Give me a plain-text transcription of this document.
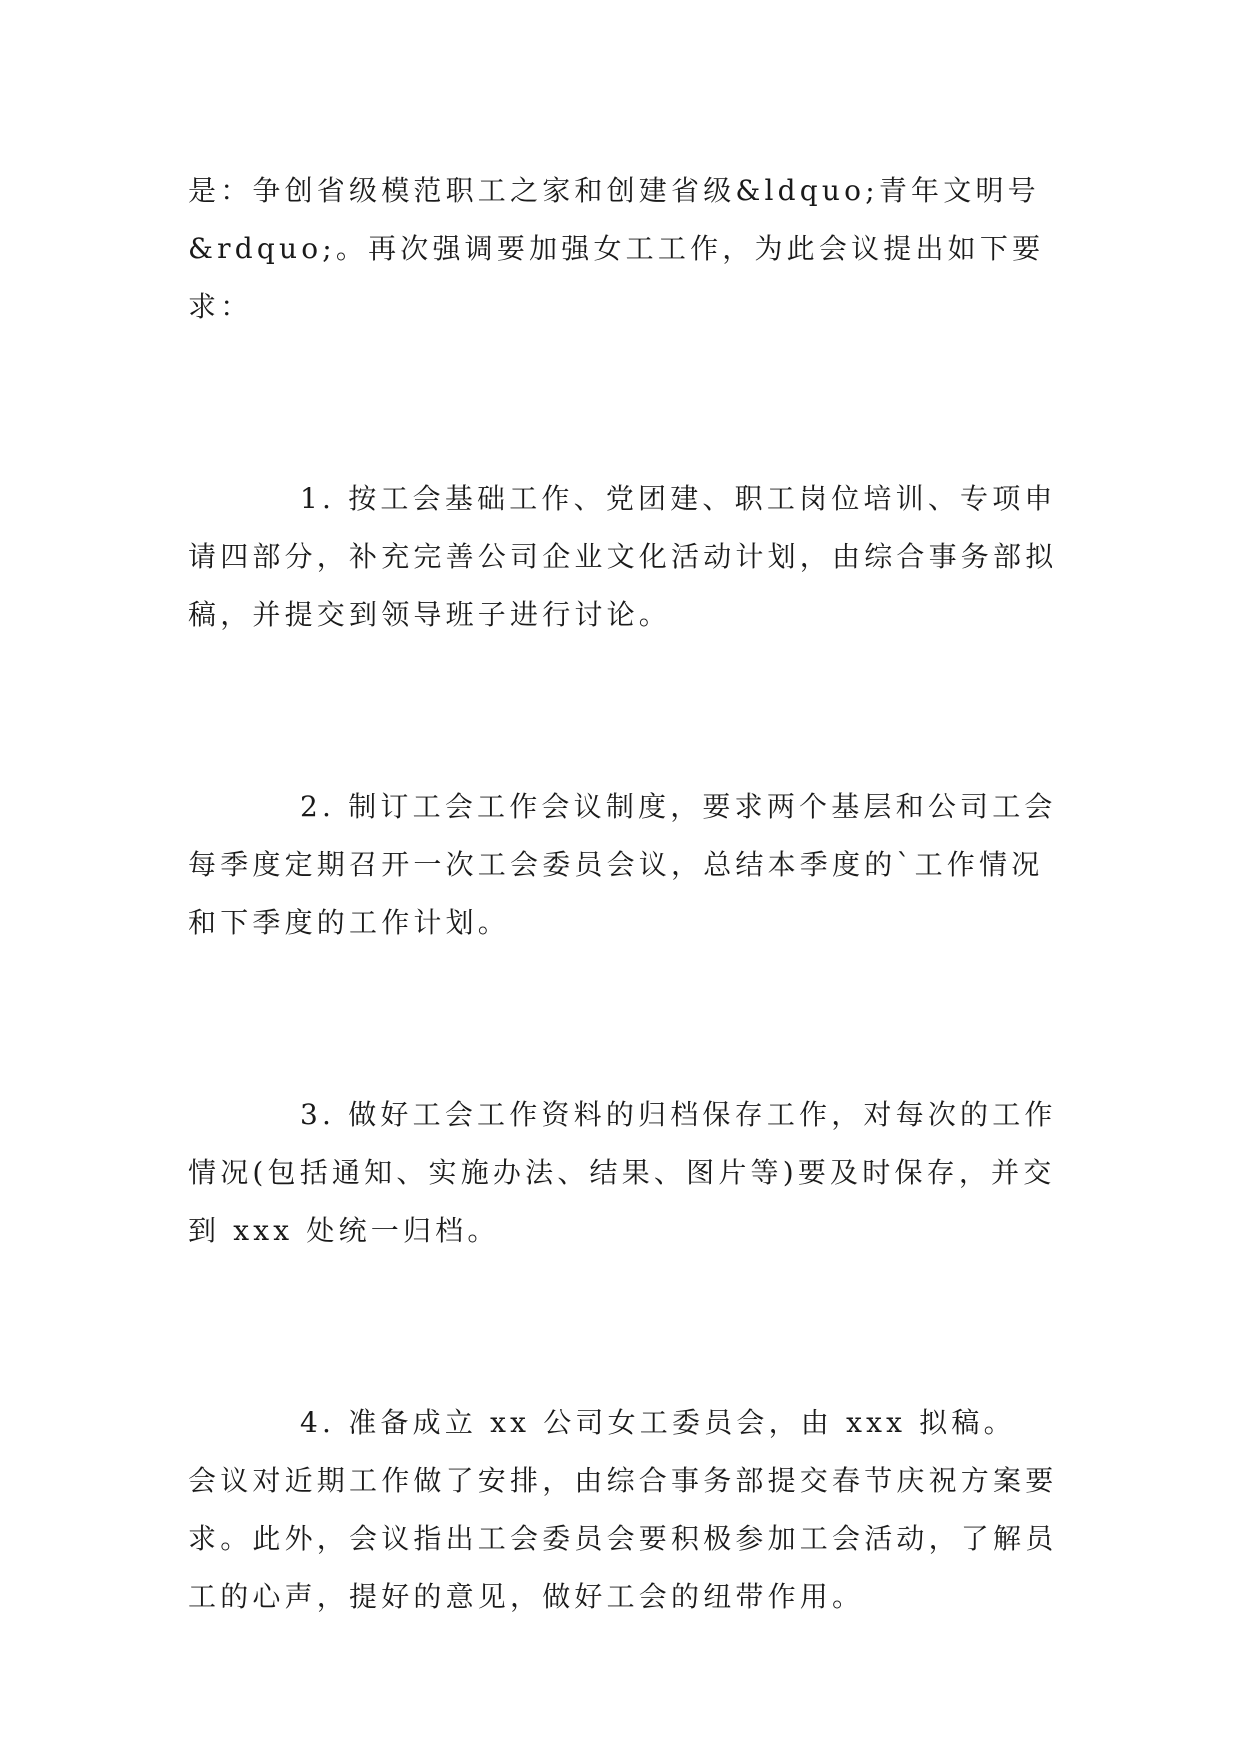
是：争创省级模范职工之家和创建省级&ldquo;青年文明号&rdquo;。再次强调要加强女工工作，为此会议提出如下要求：

1. 按工会基础工作、党团建、职工岗位培训、专项申请四部分，补充完善公司企业文化活动计划，由综合事务部拟稿，并提交到领导班子进行讨论。

2. 制订工会工作会议制度，要求两个基层和公司工会每季度定期召开一次工会委员会议，总结本季度的`工作情况和下季度的工作计划。

3. 做好工会工作资料的归档保存工作，对每次的工作情况(包括通知、实施办法、结果、图片等)要及时保存，并交到 xxx 处统一归档。

4. 准备成立 xx 公司女工委员会，由 xxx 拟稿。 会议对近期工作做了安排，由综合事务部提交春节庆祝方案要求。此外，会议指出工会委员会要积极参加工会活动，了解员工的心声，提好的意见，做好工会的纽带作用。
